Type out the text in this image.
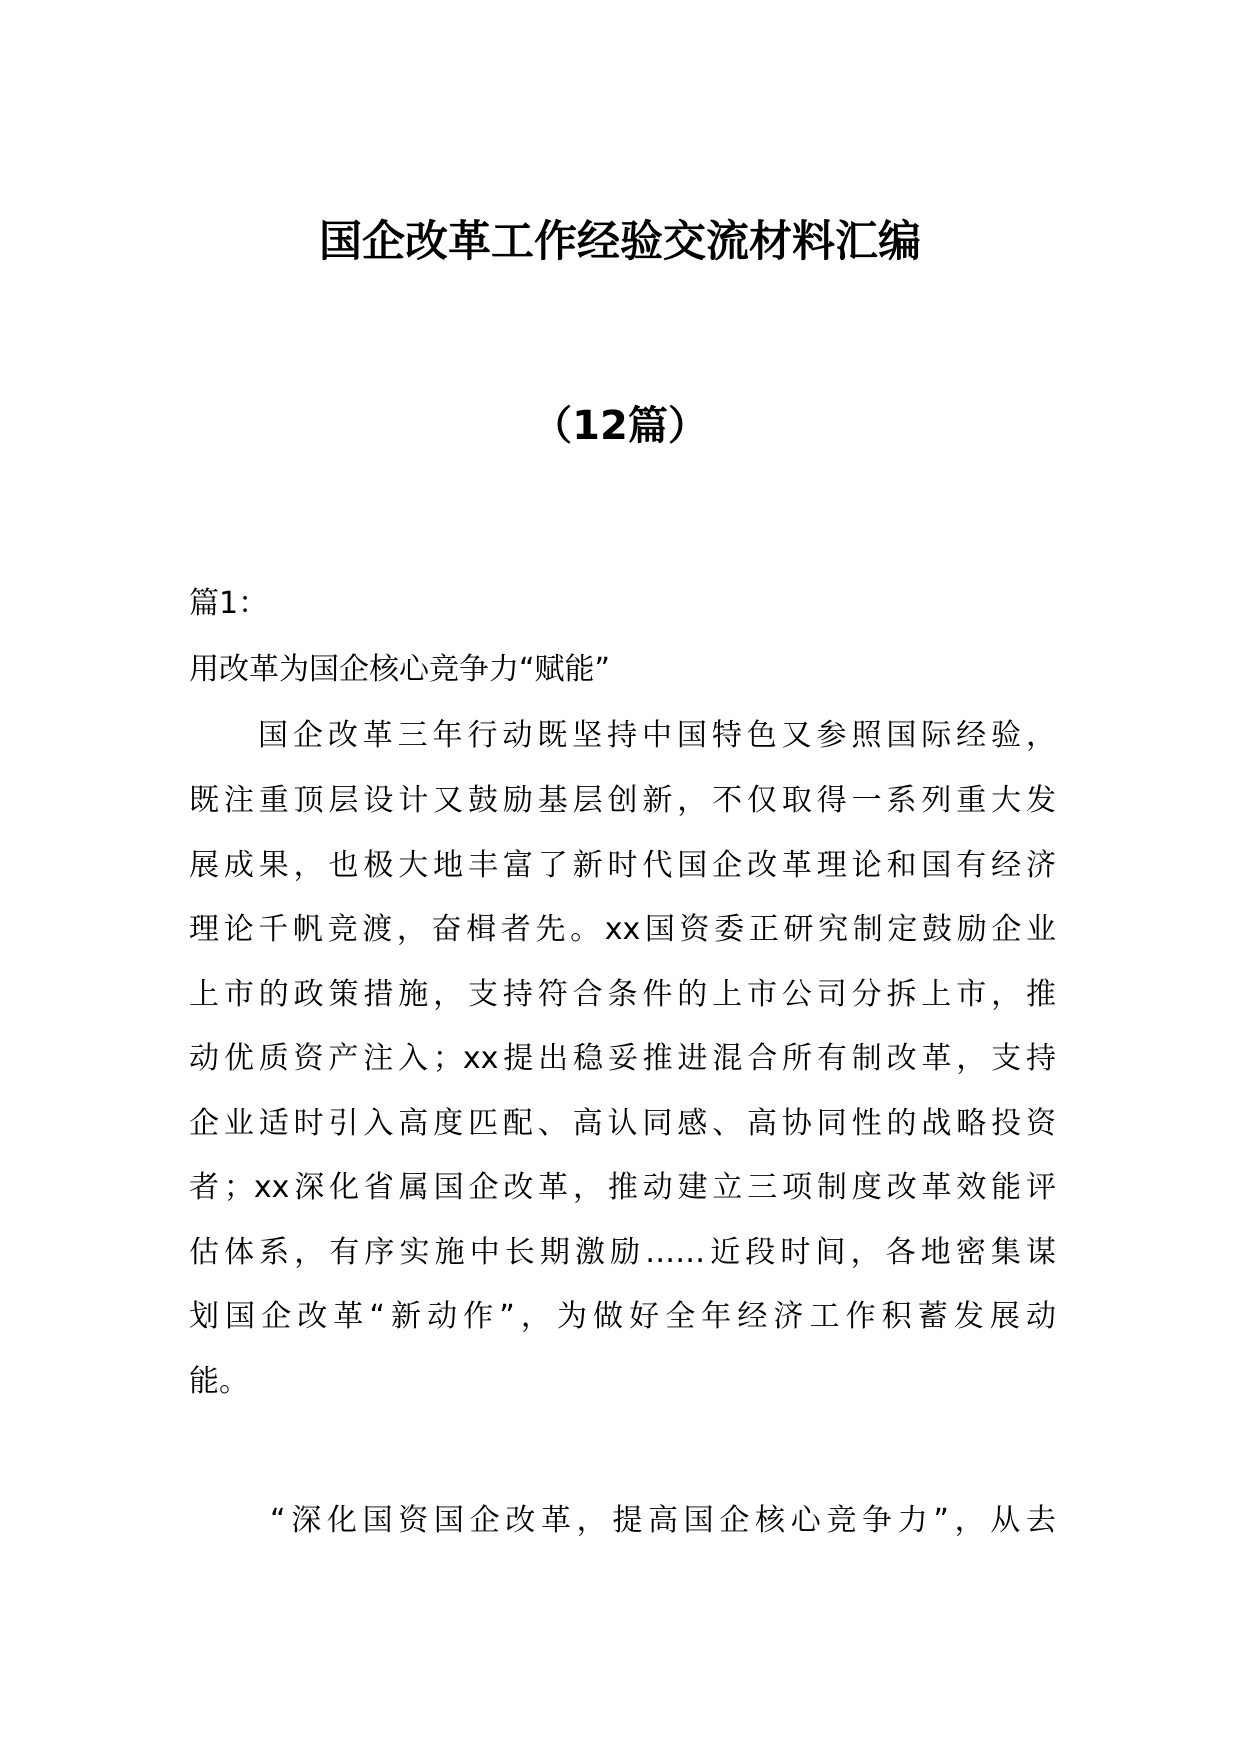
国企改革工作经验交流材料汇编
（12篇）
篇1：
用改革为国企核心竞争力“赋能”
国企改革三年行动既坚持中国特色又参照国际经验，
既注重顶层设计又鼓励基层创新，不仅取得一系列重大发
展成果，也极大地丰富了新时代国企改革理论和国有经济
理论千帆竞渡，奋楫者先。xx国资委正研究制定鼓励企业
上市的政策措施，支持符合条件的上市公司分拆上市，推
动优质资产注入；xx提出稳妥推进混合所有制改革，支持
企业适时引入高度匹配、高认同感、高协同性的战略投资
者；xx深化省属国企改革，推动建立三项制度改革效能评
估体系，有序实施中长期激励……近段时间，各地密集谋
划国企改革“新动作”，为做好全年经济工作积蓄发展动
能。
“深化国资国企改革，提高国企核心竞争力”，从去
